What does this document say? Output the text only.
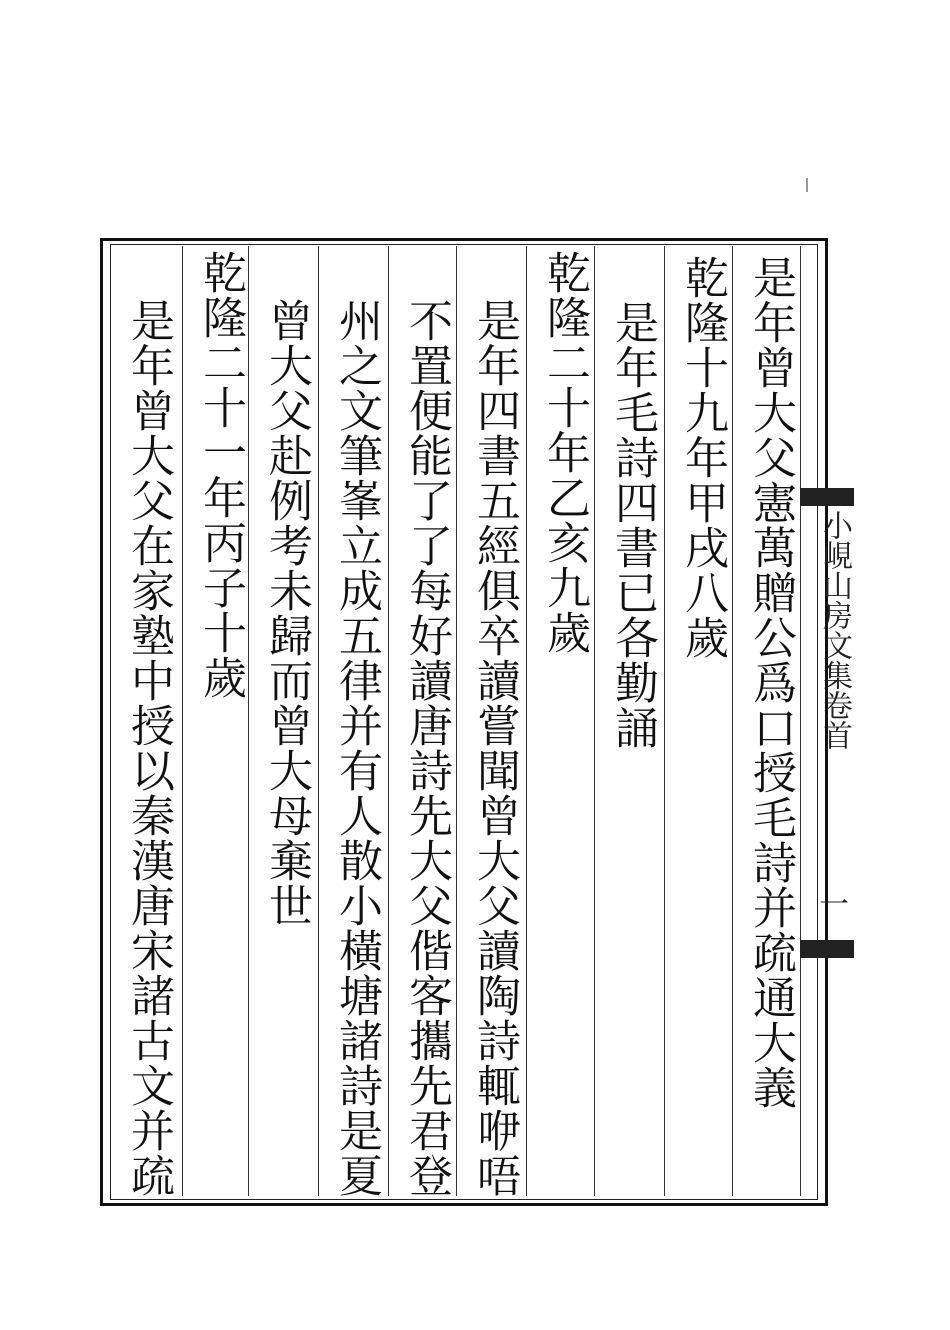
是年曾大父憲萬贈公爲口授毛詩并疏通大義
乾隆十九年甲戌八歲
是年毛詩四書已各勤誦
乾隆二十年乙亥九歲
是年四書五經俱卒讀嘗聞曾大父讀陶詩輒咿唔
不置便能了了每好讀唐詩先大父偕客攜先君登
州之文筆峯立成五律并有人散小橫塘諸詩是夏
曾大父赴例考未歸而曾大母棄世
乾隆二十一年丙子十歲
是年曾大父在家塾中授以秦漢唐宋諸古文并疏	小峴山房文集卷首
一
